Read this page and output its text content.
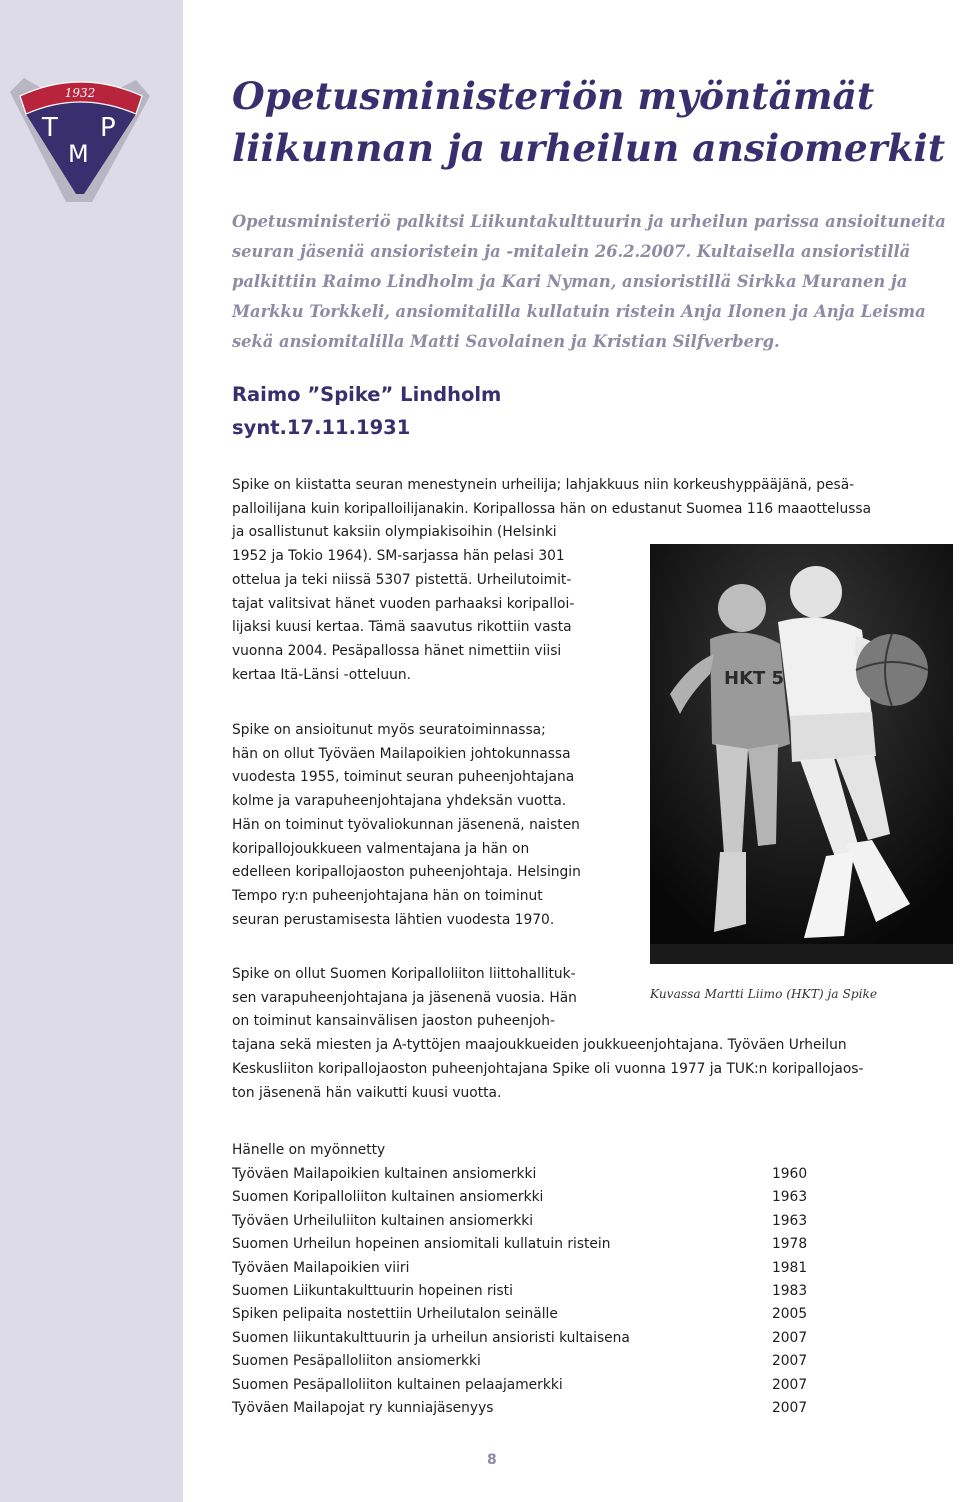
1932
T P
M
Opetusministeriön myöntämät liikunnan ja urheilun ansiomerkit

Opetusministeriö palkitsi Liikuntakulttuurin ja urheilun parissa ansioituneita seuran jäseniä ansioristein ja -mitalein 26.2.2007. Kultaisella ansioristillä palkittiin Raimo Lindholm ja Kari Nyman, ansioristillä Sirkka Muranen ja Markku Torkkeli, ansiomitalilla kullatuin ristein Anja Ilonen ja Anja Leisma sekä ansiomitalilla Matti Savolainen ja Kristian Silfverberg.

Raimo ”Spike” Lindholm

synt.17.11.1931

Spike on kiistatta seuran menestynein urheilija; lahjakkuus niin korkeushyppääjänä, pesä-
palloilijana kuin koripalloilijanakin. Koripallossa hän on edustanut Suomea 116 maaottelussa
ja osallistunut kaksiin olympiakisoihin (Helsinki
1952 ja Tokio 1964). SM-sarjassa hän pelasi 301
ottelua ja teki niissä 5307 pistettä. Urheilutoimit-
tajat valitsivat hänet vuoden parhaaksi koripalloi-
lijaksi kuusi kertaa. Tämä saavutus rikottiin vasta
vuonna 2004. Pesäpallossa hänet nimettiin viisi
kertaa Itä-Länsi -otteluun.	HKT 5

Spike on ansioitunut myös seuratoiminnassa;
hän on ollut Työväen Mailapoikien johtokunnassa
vuodesta 1955, toiminut seuran puheenjohtajana
kolme ja varapuheenjohtajana yhdeksän vuotta.
Hän on toiminut työvaliokunnan jäsenenä, naisten
koripallojoukkueen valmentajana ja hän on
edelleen koripallojaoston puheenjohtaja. Helsingin
Tempo ry:n puheenjohtajana hän on toiminut
seuran perustamisesta lähtien vuodesta 1970.

Kuvassa Martti Liimo (HKT) ja Spike

Spike on ollut Suomen Koripalloliiton liittohallituk-
sen varapuheenjohtajana ja jäsenenä vuosia. Hän
on toiminut kansainvälisen jaoston puheenjoh-
tajana sekä miesten ja A-tyttöjen maajoukkueiden joukkueenjohtajana. Työväen Urheilun
Keskusliiton koripallojaoston puheenjohtajana Spike oli vuonna 1977 ja TUK:n koripallojaos-
ton jäsenenä hän vaikutti kuusi vuotta.

Hänelle on myönnetty

Työväen Mailapoikien kultainen ansiomerkki	1960
Suomen Koripalloliiton kultainen ansiomerkki	1963
Työväen Urheiluliiton kultainen ansiomerkki	1963
Suomen Urheilun hopeinen ansiomitali kullatuin ristein	1978
Työväen Mailapoikien viiri	1981
Suomen Liikuntakulttuurin hopeinen risti	1983
Spiken pelipaita nostettiin Urheilutalon seinälle	2005
Suomen liikuntakulttuurin ja urheilun ansioristi kultaisena	2007
Suomen Pesäpalloliiton ansiomerkki	2007
Suomen Pesäpalloliiton kultainen pelaajamerkki	2007
Työväen Mailapojat ry kunniajäsenyys	2007

8
